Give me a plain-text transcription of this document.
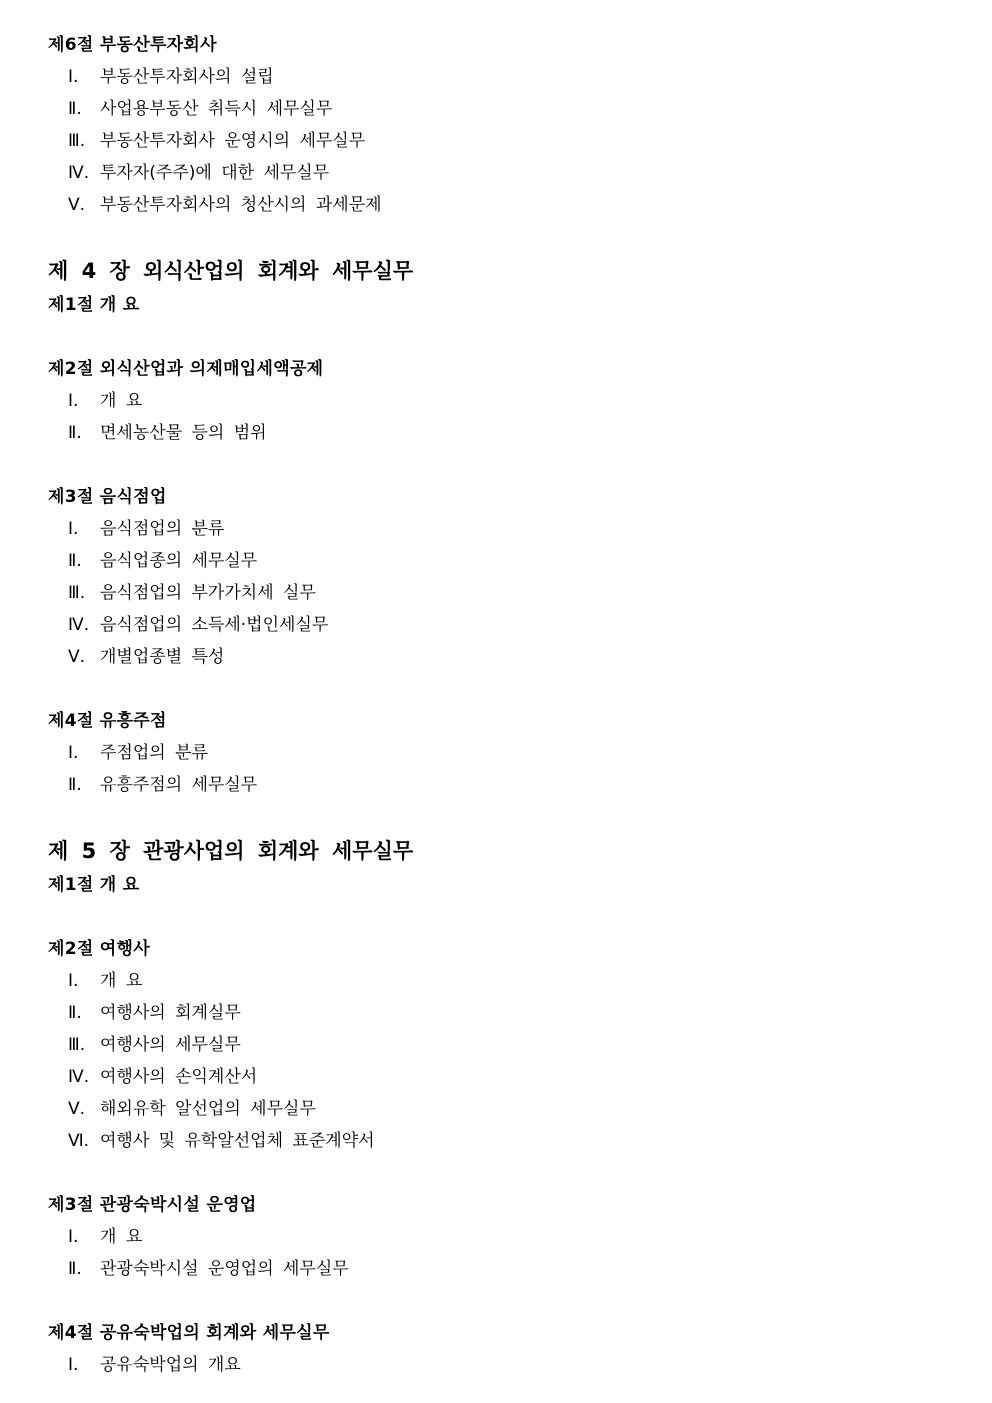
제6절 부동산투자회사
Ⅰ. 부동산투자회사의 설립
Ⅱ. 사업용부동산 취득시 세무실무
Ⅲ. 부동산투자회사 운영시의 세무실무
Ⅳ. 투자자(주주)에 대한 세무실무
Ⅴ. 부동산투자회사의 청산시의 과세문제
제 4 장 외식산업의 회계와 세무실무
제1절 개 요
제2절 외식산업과 의제매입세액공제
Ⅰ. 개 요
Ⅱ. 면세농산물 등의 범위
제3절 음식점업
Ⅰ. 음식점업의 분류
Ⅱ. 음식업종의 세무실무
Ⅲ. 음식점업의 부가가치세 실무
Ⅳ. 음식점업의 소득세·법인세실무
Ⅴ. 개별업종별 특성
제4절 유흥주점
Ⅰ. 주점업의 분류
Ⅱ. 유흥주점의 세무실무
제 5 장 관광사업의 회계와 세무실무
제1절 개 요
제2절 여행사
Ⅰ. 개 요
Ⅱ. 여행사의 회계실무
Ⅲ. 여행사의 세무실무
Ⅳ. 여행사의 손익계산서
Ⅴ. 해외유학 알선업의 세무실무
Ⅵ. 여행사 및 유학알선업체 표준계약서
제3절 관광숙박시설 운영업
Ⅰ. 개 요
Ⅱ. 관광숙박시설 운영업의 세무실무
제4절 공유숙박업의 회계와 세무실무
Ⅰ. 공유숙박업의 개요
